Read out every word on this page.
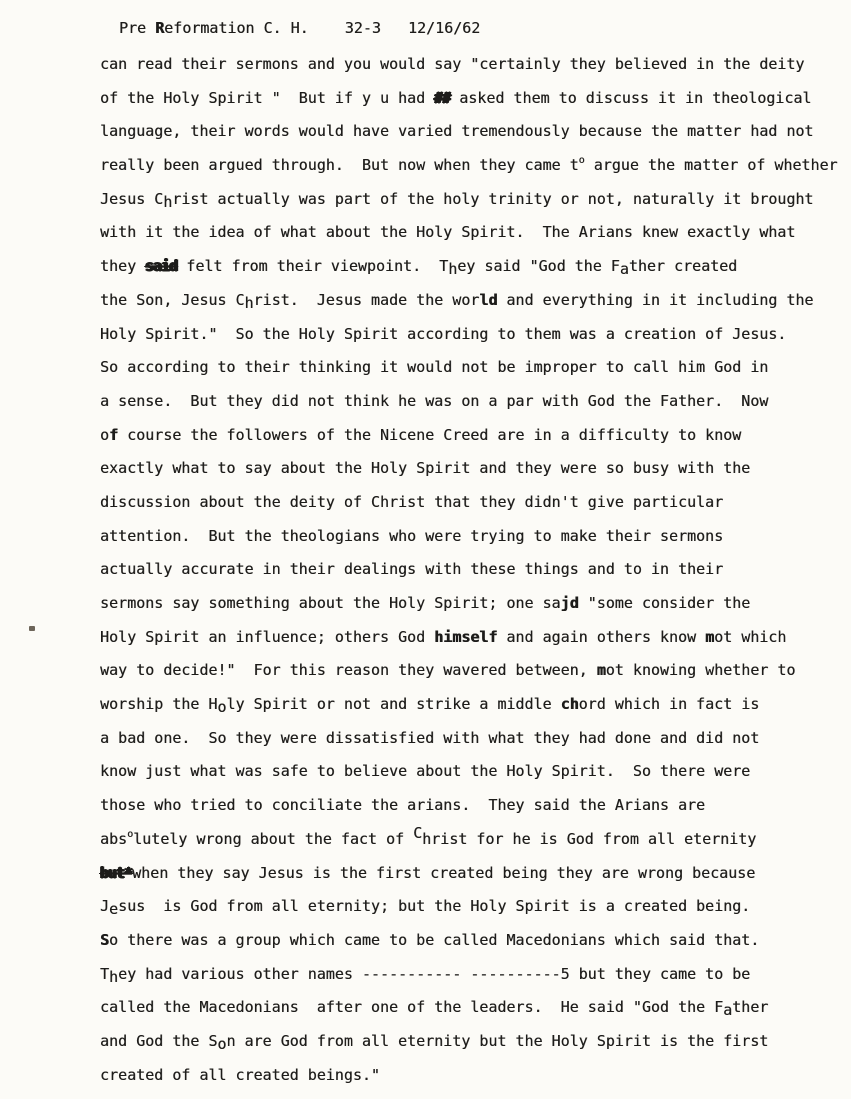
Pre Reformation C. H.    32-3   12/16/62
can read their sermons and you would say "certainly they believed in the deity
of the Holy Spirit "  But if y u had ## asked them to discuss it in theological
language, their words would have varied tremendously because the matter had not
really been argued through.  But now when they came to argue the matter of whether
Jesus Christ actually was part of the holy trinity or not, naturally it brought
with it the idea of what about the Holy Spirit.  The Arians knew exactly what
they said felt from their viewpoint.  They said "God the Father created
the Son, Jesus Christ.  Jesus made the world and everything in it including the
Holy Spirit."  So the Holy Spirit according to them was a creation of Jesus.
So according to their thinking it would not be improper to call him God in
a sense.  But they did not think he was on a par with God the Father.  Now
of course the followers of the Nicene Creed are in a difficulty to know
exactly what to say about the Holy Spirit and they were so busy with the
discussion about the deity of Christ that they didn't give particular
attention.  But the theologians who were trying to make their sermons
actually accurate in their dealings with these things and to in their
sermons say something about the Holy Spirit; one sajd "some consider the
Holy Spirit an influence; others God himself and again others know mot which
way to decide!"  For this reason they wavered between, mot knowing whether to
worship the Holy Spirit or not and strike a middle chord which in fact is
a bad one.  So they were dissatisfied with what they had done and did not
know just what was safe to believe about the Holy Spirit.  So there were
those who tried to conciliate the arians.  They said the Arians are
absolutely wrong about the fact of Christ for he is God from all eternity
but*when they say Jesus is the first created being they are wrong because
Jesus  is God from all eternity; but the Holy Spirit is a created being.
So there was a group which came to be called Macedonians which said that.
They had various other names ----------- ----------5 but they came to be
called the Macedonians  after one of the leaders.  He said "God the Father
and God the Son are God from all eternity but the Holy Spirit is the first
created of all created beings."
